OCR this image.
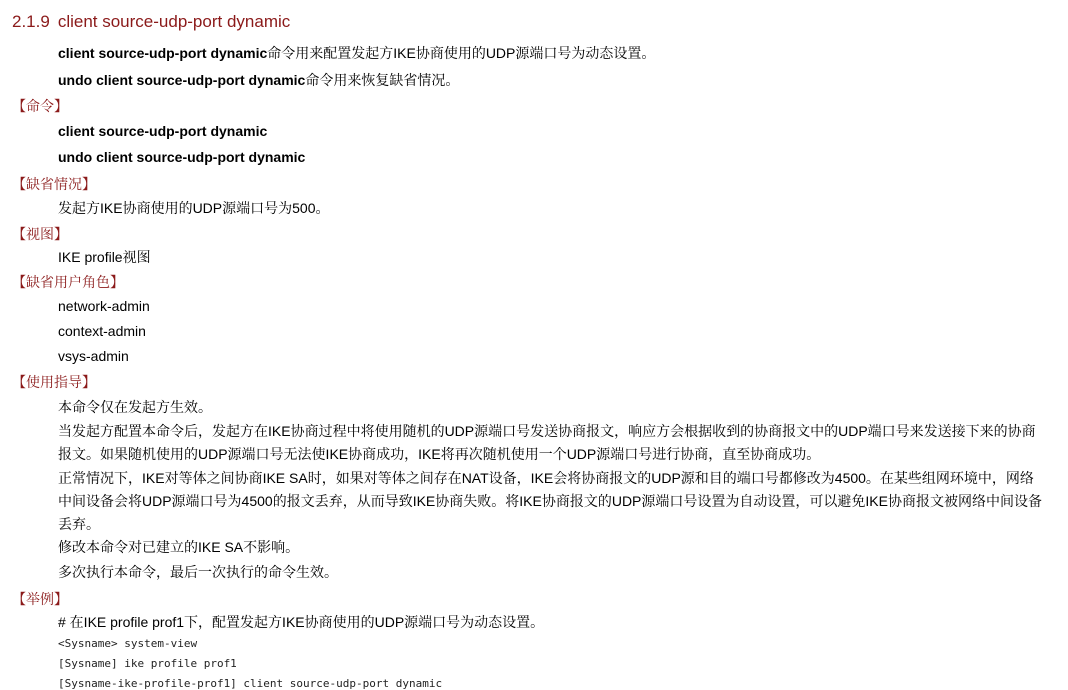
2.1.9 client source-udp-port dynamic
client source-udp-port dynamic命令用来配置发起方IKE协商使用的UDP源端口号为动态设置。
undo client source-udp-port dynamic命令用来恢复缺省情况。
【命令】
client source-udp-port dynamic
undo client source-udp-port dynamic
【缺省情况】
发起方IKE协商使用的UDP源端口号为500。
【视图】
IKE profile视图
【缺省用户角色】
network-admin
context-admin
vsys-admin
【使用指导】
本命令仅在发起方生效。
当发起方配置本命令后，发起方在IKE协商过程中将使用随机的UDP源端口号发送协商报文，响应方会根据收到的协商报文中的UDP端口号来发送接下来的协商报文。如果随机使用的UDP源端口号无法使IKE协商成功，IKE将再次随机使用一个UDP源端口号进行协商，直至协商成功。
正常情况下，IKE对等体之间协商IKE SA时，如果对等体之间存在NAT设备，IKE会将协商报文的UDP源和目的端口号都修改为4500。在某些组网环境中，网络中间设备会将UDP源端口号为4500的报文丢弃，从而导致IKE协商失败。将IKE协商报文的UDP源端口号设置为自动设置，可以避免IKE协商报文被网络中间设备丢弃。
修改本命令对已建立的IKE SA不影响。
多次执行本命令，最后一次执行的命令生效。
【举例】
# 在IKE profile prof1下，配置发起方IKE协商使用的UDP源端口号为动态设置。
<Sysname> system-view
[Sysname] ike profile prof1
[Sysname-ike-profile-prof1] client source-udp-port dynamic
